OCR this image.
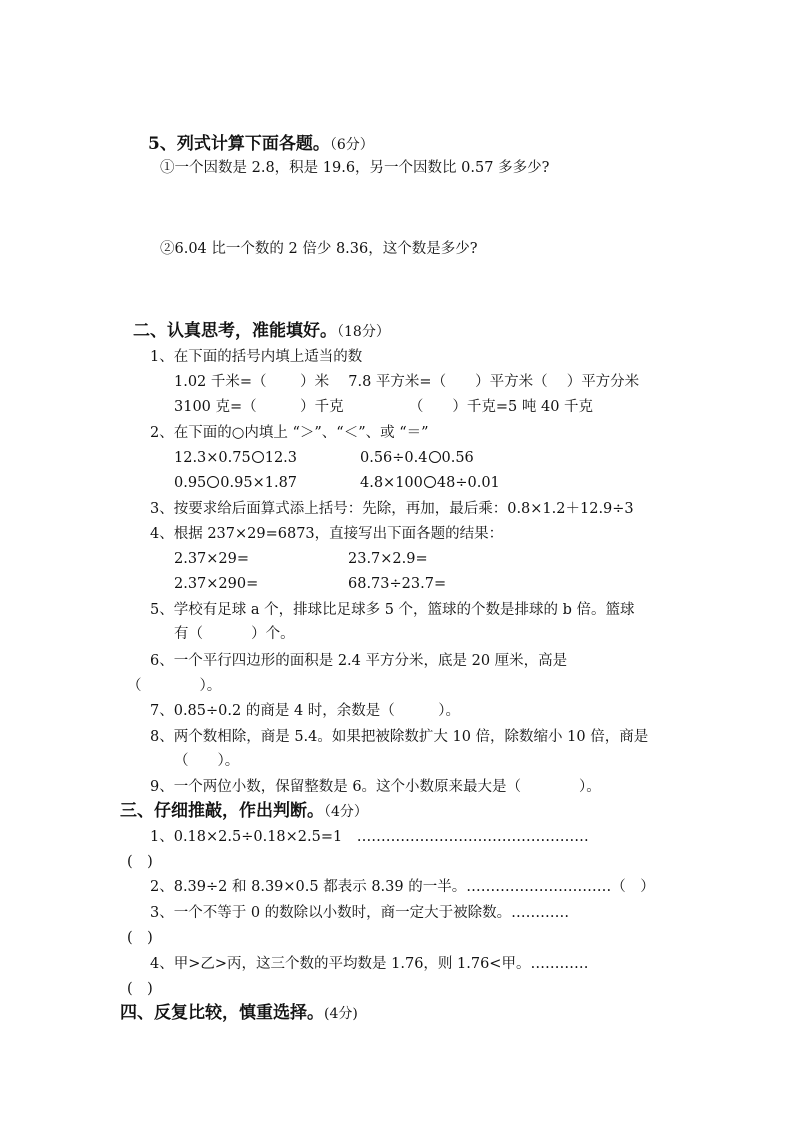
5、列式计算下面各题。（6分）
①一个因数是 2.8，积是 19.6，另一个因数比 0.57 多多少?
②6.04 比一个数的 2 倍少 8.36，这个数是多少?
二、认真思考，准能填好。（18分）
1、在下面的括号内填上适当的数
1.02 千米=（　　 ）米　 7.8 平方米=（　　）平方米（　 ）平方分米
3100 克=（　　　）千克　　　　　（　　）千克=5 吨 40 千克
2、在下面的○内填上 “＞”、“＜”、或 “＝”
12.3×0.75 12.3	0.56÷0.4 0.56
0.95 0.95×1.87	4.8×100 48÷0.01
3、按要求给后面算式添上括号：先除，再加，最后乘：0.8×1.2＋12.9÷3
4、根据 237×29=6873，直接写出下面各题的结果：
2.37×29=	23.7×2.9=
2.37×290=	68.73÷23.7=
5、学校有足球 a 个，排球比足球多 5 个，篮球的个数是排球的 b 倍。篮球
有（　　　 ）个。
6、一个平行四边形的面积是 2.4 平方分米，底是 20 厘米，高是
（　　　　）。
7、0.85÷0.2 的商是 4 时，余数是（　　　）。
8、两个数相除，商是 5.4。如果把被除数扩大 10 倍，除数缩小 10 倍，商是
（　　）。
9、一个两位小数，保留整数是 6。这个小数原来最大是（　　　　）。
三、仔细推敲，作出判断。（4分）
1、0.18×2.5÷0.18×2.5=1　…………………………………………
(　)
2、8.39÷2 和 8.39×0.5 都表示 8.39 的一半。…………………………（　）
3、一个不等于 0 的数除以小数时，商一定大于被除数。…………
(　)
4、甲>乙>丙，这三个数的平均数是 1.76，则 1.76<甲。…………
(　)
四、反复比较，慎重选择。(4分)
